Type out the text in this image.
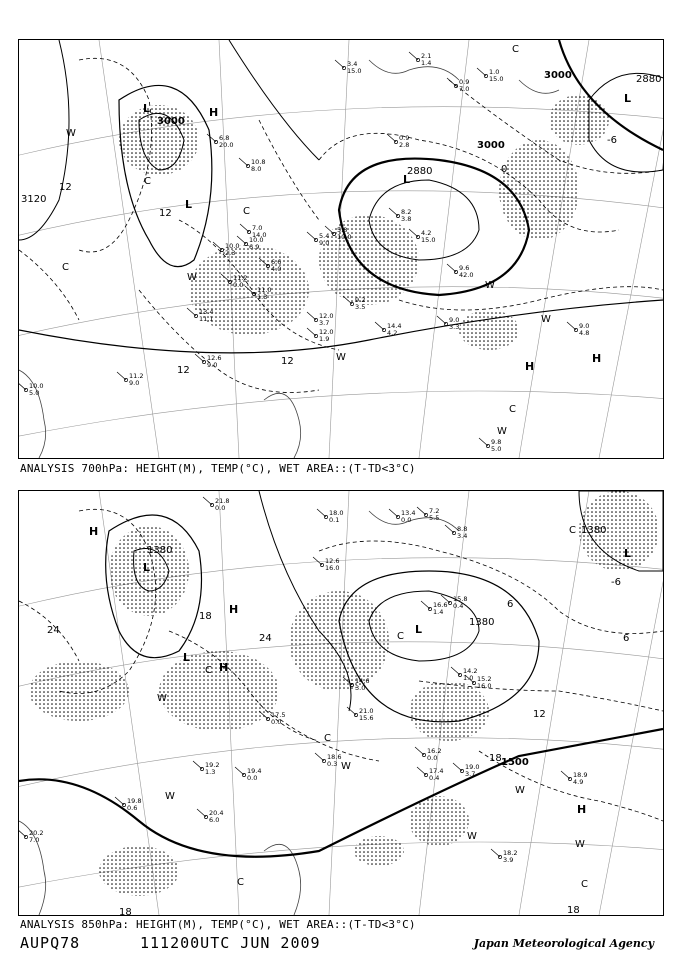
3000
3000
3000
2880
2880
3120
12
12
12
12
-6
0
L
L
L
L
H
H
H
W
W
W
W
W
W
C
C
C
C
C
3.4
15.0
0.9
2.8
2.1
1.4
1.0
15.0
0.9
7.0
8.2
3.8
5.4
9.0
5.8
10.0
7.0
14.0
6.6
4.0
10.0
6.9
10.0
2.3
11.2
0.0
11.0
1.3
12.6
9.0
13.4
11.1
11.2
9.0
12.0
3.7
12.0
1.9
14.4
4.2
9.2
3.5
9.0
3.3
9.6
42.0
4.2
15.0
6.8
20.0
9.0
4.8
9.8
5.0
10.0
5.0
10.8
8.0
ANALYSIS 700hPa: HEIGHT(M), TEMP(°C), WET AREA::(T-TD<3°C)
1380
1380
1380
1500
24
24
18
18
18
18
12
6
6
-6
L
L
L
L
H
H
H
H
W
W
W
W
W
W
C
C
C	C
C
C
21.8
0.0
18.0
0.1
13.4
0.0
7.2
5.5
8.8
3.4
12.6
16.0
16.6
1.4
15.8
0.4
15.2
16.0
14.2
1.0
16.2
0.0
17.4
0.4	18.9
4.9
19.0
3.7
19.4
0.0
20.2
7.0
19.2
1.3
17.5
0.0
18.6
0.3
20.4
6.0
19.8
0.6
18.2
3.9
14.6
3.0
21.0
15.6
ANALYSIS 850hPa: HEIGHT(M), TEMP(°C), WET AREA::(T-TD<3°C)
AUPQ78	111200UTC JUN 2009	Japan Meteorological Agency
